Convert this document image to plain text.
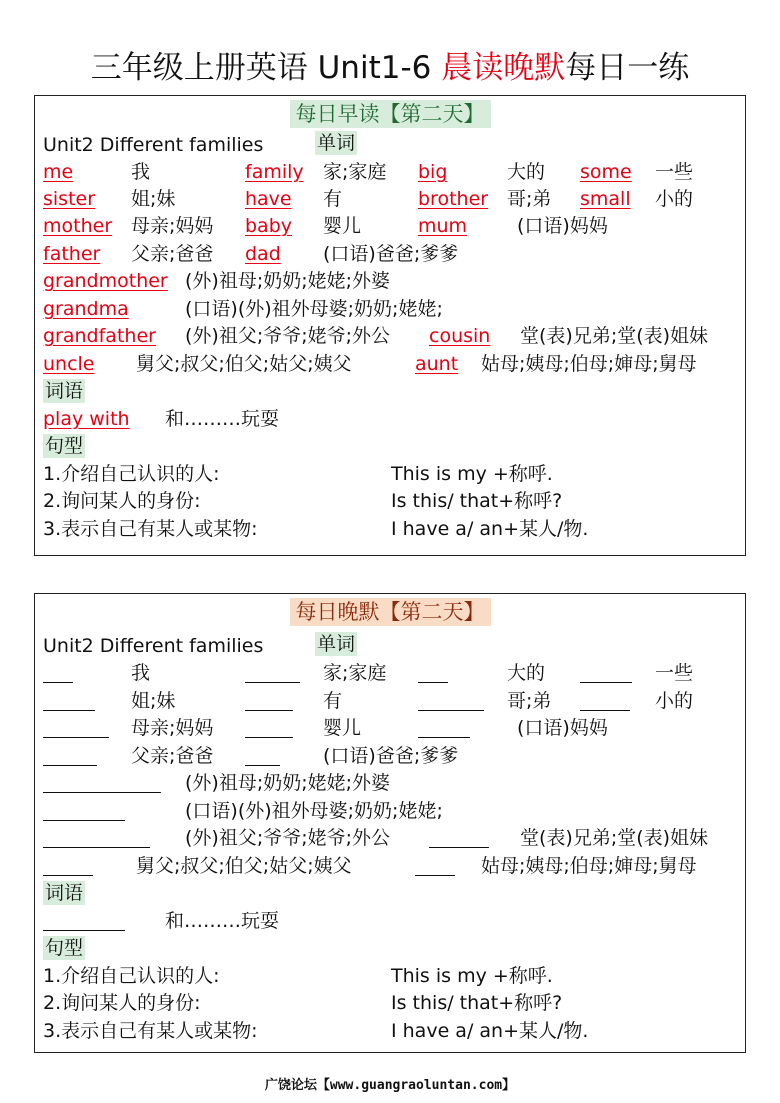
三年级上册英语 Unit1-6 晨读晚默每日一练
每日早读【第二天】
Unit2 Different families	单词
me	我	family 家;家庭 big	大的 some 一些
sister 姐;妹	have 有	brother 哥;弟 small 小的
mother 母亲;妈妈 baby 婴儿	mum	(口语)妈妈
father 父亲;爸爸 dad (口语)爸爸;爹爹
grandmother (外)祖母;奶奶;姥姥;外婆
grandma	(口语)(外)祖外母婆;奶奶;姥姥;
grandfather (外)祖父;爷爷;姥爷;外公 cousin 堂(表)兄弟;堂(表)姐妹
uncle 舅父;叔父;伯父;姑父;姨父	aunt 姑母;姨母;伯母;婶母;舅母
词语
play with 和………玩耍
句型
1.介绍自己认识的人:	This is my +称呼.
2.询问某人的身份:	Is this/ that+称呼?
3.表示自己有某人或某物:	I have a/ an+某人/物.
每日晚默【第二天】
Unit2 Different families	单词
我	家;家庭	大的	一些
姐;妹	有	哥;弟	小的
母亲;妈妈	婴儿	(口语)妈妈
父亲;爸爸	(口语)爸爸;爹爹
(外)祖母;奶奶;姥姥;外婆
(口语)(外)祖外母婆;奶奶;姥姥;
(外)祖父;爷爷;姥爷;外公	堂(表)兄弟;堂(表)姐妹
舅父;叔父;伯父;姑父;姨父	姑母;姨母;伯母;婶母;舅母
词语
和………玩耍
句型
1.介绍自己认识的人:	This is my +称呼.
2.询问某人的身份:	Is this/ that+称呼?
3.表示自己有某人或某物:	I have a/ an+某人/物.
广饶论坛【www.guangraoluntan.com】
